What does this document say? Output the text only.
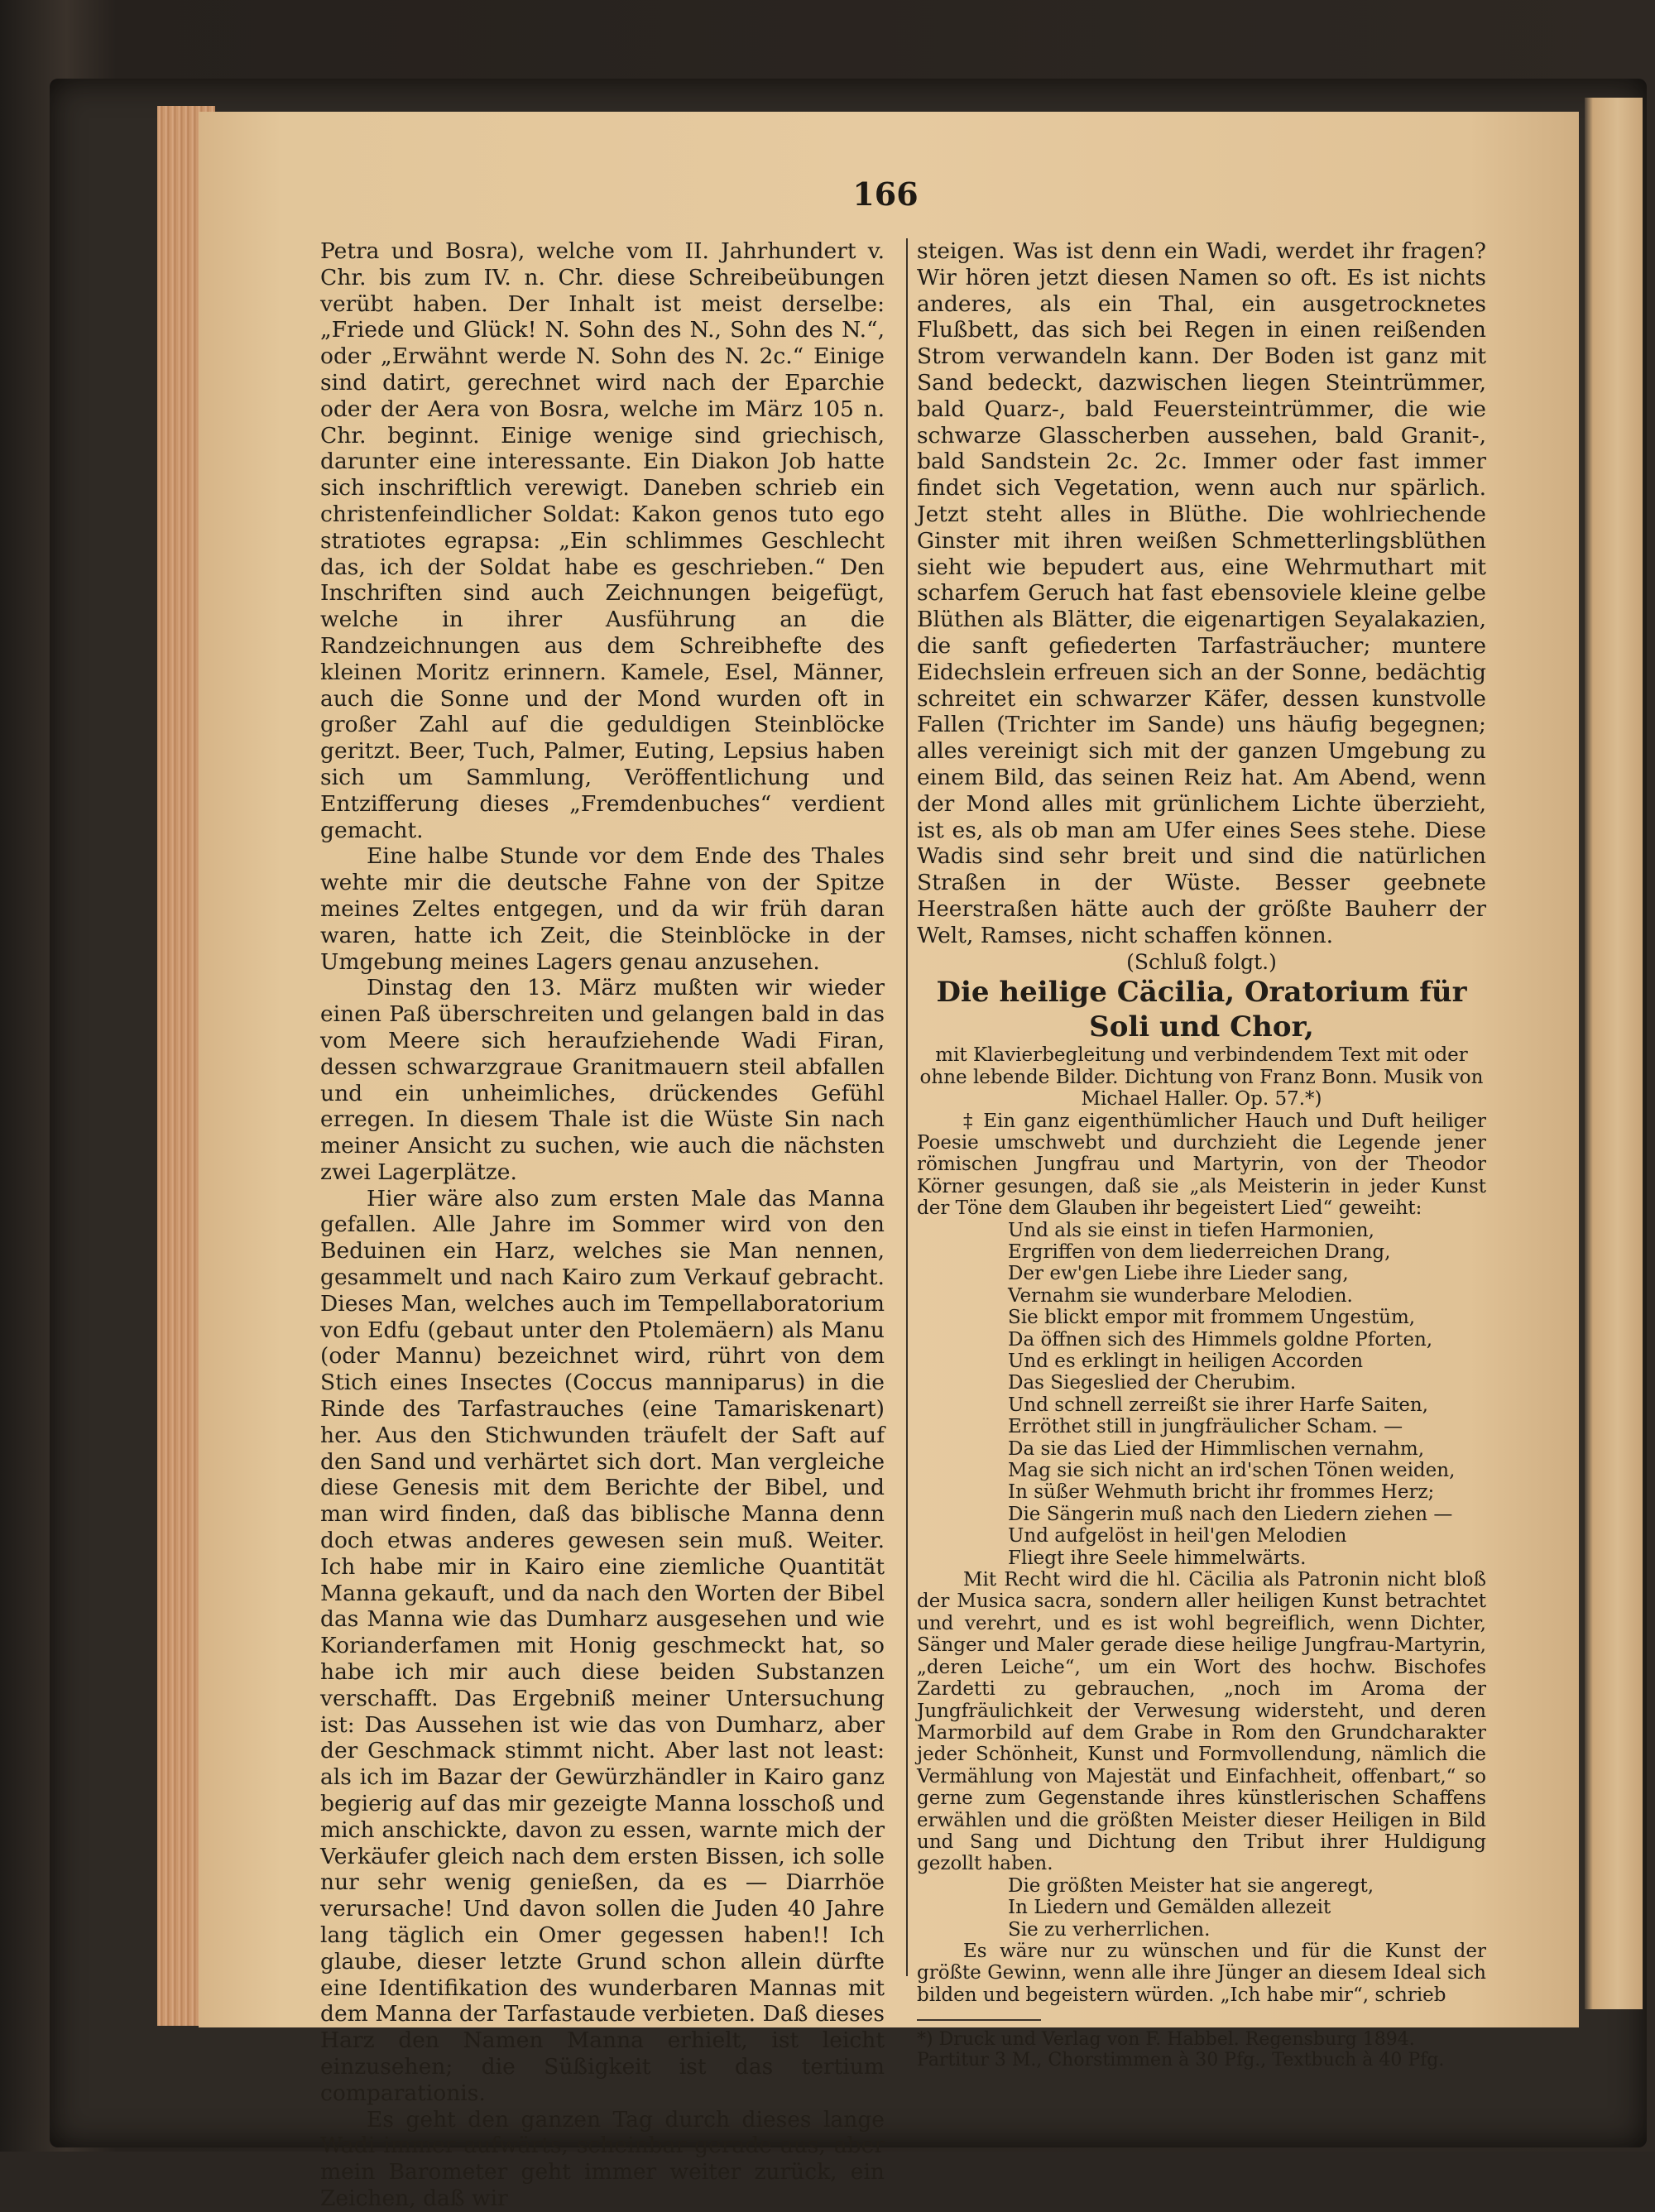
166

Petra und Bosra), welche vom II. Jahrhundert v. Chr. bis zum IV. n. Chr. diese Schreibeübungen verübt haben. Der Inhalt ist meist derselbe: „Friede und Glück! N. Sohn des N., Sohn des N.“, oder „Erwähnt werde N. Sohn des N. 2c.“ Einige sind datirt, gerechnet wird nach der Eparchie oder der Aera von Bosra, welche im März 105 n. Chr. beginnt. Einige wenige sind griechisch, darunter eine interessante. Ein Diakon Job hatte sich inschriftlich verewigt. Daneben schrieb ein christenfeindlicher Soldat: Kakon genos tuto ego stratiotes egrapsa: „Ein schlimmes Geschlecht das, ich der Soldat habe es geschrieben.“ Den Inschriften sind auch Zeichnungen beigefügt, welche in ihrer Ausführung an die Randzeichnungen aus dem Schreibhefte des kleinen Moritz erinnern. Kamele, Esel, Männer, auch die Sonne und der Mond wurden oft in großer Zahl auf die geduldigen Steinblöcke geritzt. Beer, Tuch, Palmer, Euting, Lepsius haben sich um Sammlung, Veröffentlichung und Entzifferung dieses „Fremdenbuches“ verdient gemacht.

Eine halbe Stunde vor dem Ende des Thales wehte mir die deutsche Fahne von der Spitze meines Zeltes entgegen, und da wir früh daran waren, hatte ich Zeit, die Steinblöcke in der Umgebung meines Lagers genau anzusehen.

Dinstag den 13. März mußten wir wieder einen Paß überschreiten und gelangen bald in das vom Meere sich heraufziehende Wadi Firan, dessen schwarzgraue Granitmauern steil abfallen und ein unheimliches, drückendes Gefühl erregen. In diesem Thale ist die Wüste Sin nach meiner Ansicht zu suchen, wie auch die nächsten zwei Lagerplätze.

Hier wäre also zum ersten Male das Manna gefallen. Alle Jahre im Sommer wird von den Beduinen ein Harz, welches sie Man nennen, gesammelt und nach Kairo zum Verkauf gebracht. Dieses Man, welches auch im Tempellaboratorium von Edfu (gebaut unter den Ptolemäern) als Manu (oder Mannu) bezeichnet wird, rührt von dem Stich eines Insectes (Coccus manniparus) in die Rinde des Tarfastrauches (eine Tamariskenart) her. Aus den Stichwunden träufelt der Saft auf den Sand und verhärtet sich dort. Man vergleiche diese Genesis mit dem Berichte der Bibel, und man wird finden, daß das biblische Manna denn doch etwas anderes gewesen sein muß. Weiter. Ich habe mir in Kairo eine ziemliche Quantität Manna gekauft, und da nach den Worten der Bibel das Manna wie das Dumharz ausgesehen und wie Korianderfamen mit Honig geschmeckt hat, so habe ich mir auch diese beiden Substanzen verschafft. Das Ergebniß meiner Untersuchung ist: Das Aussehen ist wie das von Dumharz, aber der Geschmack stimmt nicht. Aber last not least: als ich im Bazar der Gewürzhändler in Kairo ganz begierig auf das mir gezeigte Manna losschoß und mich anschickte, davon zu essen, warnte mich der Verkäufer gleich nach dem ersten Bissen, ich solle nur sehr wenig genießen, da es — Diarrhöe verursache! Und davon sollen die Juden 40 Jahre lang täglich ein Omer gegessen haben!! Ich glaube, dieser letzte Grund schon allein dürfte eine Identifikation des wunderbaren Mannas mit dem Manna der Tarfastaude verbieten. Daß dieses Harz den Namen Manna erhielt, ist leicht einzusehen; die Süßigkeit ist das tertium comparationis.

Es geht den ganzen Tag durch dieses lange Wadi immer aufwärts, scheinbar gerade aus, aber mein Barometer geht immer weiter zurück, ein Zeichen, daß wir

steigen. Was ist denn ein Wadi, werdet ihr fragen? Wir hören jetzt diesen Namen so oft. Es ist nichts anderes, als ein Thal, ein ausgetrocknetes Flußbett, das sich bei Regen in einen reißenden Strom verwandeln kann. Der Boden ist ganz mit Sand bedeckt, dazwischen liegen Steintrümmer, bald Quarz-, bald Feuersteintrümmer, die wie schwarze Glasscherben aussehen, bald Granit-, bald Sandstein 2c. 2c. Immer oder fast immer findet sich Vegetation, wenn auch nur spärlich. Jetzt steht alles in Blüthe. Die wohlriechende Ginster mit ihren weißen Schmetterlingsblüthen sieht wie bepudert aus, eine Wehrmuthart mit scharfem Geruch hat fast ebensoviele kleine gelbe Blüthen als Blätter, die eigenartigen Seyalakazien, die sanft gefiederten Tarfasträucher; muntere Eidechslein erfreuen sich an der Sonne, bedächtig schreitet ein schwarzer Käfer, dessen kunstvolle Fallen (Trichter im Sande) uns häufig begegnen; alles vereinigt sich mit der ganzen Umgebung zu einem Bild, das seinen Reiz hat. Am Abend, wenn der Mond alles mit grünlichem Lichte überzieht, ist es, als ob man am Ufer eines Sees stehe. Diese Wadis sind sehr breit und sind die natürlichen Straßen in der Wüste. Besser geebnete Heerstraßen hätte auch der größte Bauherr der Welt, Ramses, nicht schaffen können.

(Schluß folgt.)

Die heilige Cäcilia, Oratorium für Soli und Chor,

mit Klavierbegleitung und verbindendem Text mit oder ohne lebende Bilder. Dichtung von Franz Bonn. Musik von Michael Haller. Op. 57.*)

‡ Ein ganz eigenthümlicher Hauch und Duft heiliger Poesie umschwebt und durchzieht die Legende jener römischen Jungfrau und Martyrin, von der Theodor Körner gesungen, daß sie „als Meisterin in jeder Kunst der Töne dem Glauben ihr begeistert Lied“ geweiht:

Und als sie einst in tiefen Harmonien,

Ergriffen von dem liederreichen Drang,

Der ew'gen Liebe ihre Lieder sang,

Vernahm sie wunderbare Melodien.

Sie blickt empor mit frommem Ungestüm,

Da öffnen sich des Himmels goldne Pforten,

Und es erklingt in heiligen Accorden

Das Siegeslied der Cherubim.

Und schnell zerreißt sie ihrer Harfe Saiten,

Erröthet still in jungfräulicher Scham. —

Da sie das Lied der Himmlischen vernahm,

Mag sie sich nicht an ird'schen Tönen weiden,

In süßer Wehmuth bricht ihr frommes Herz;

Die Sängerin muß nach den Liedern ziehen —

Und aufgelöst in heil'gen Melodien

Fliegt ihre Seele himmelwärts.

Mit Recht wird die hl. Cäcilia als Patronin nicht bloß der Musica sacra, sondern aller heiligen Kunst betrachtet und verehrt, und es ist wohl begreiflich, wenn Dichter, Sänger und Maler gerade diese heilige Jungfrau-Martyrin, „deren Leiche“, um ein Wort des hochw. Bischofes Zardetti zu gebrauchen, „noch im Aroma der Jungfräulichkeit der Verwesung widersteht, und deren Marmorbild auf dem Grabe in Rom den Grundcharakter jeder Schönheit, Kunst und Formvollendung, nämlich die Vermählung von Majestät und Einfachheit, offenbart,“ so gerne zum Gegenstande ihres künstlerischen Schaffens erwählen und die größten Meister dieser Heiligen in Bild und Sang und Dichtung den Tribut ihrer Huldigung gezollt haben.

Die größten Meister hat sie angeregt,

In Liedern und Gemälden allezeit

Sie zu verherrlichen.

Es wäre nur zu wünschen und für die Kunst der größte Gewinn, wenn alle ihre Jünger an diesem Ideal sich bilden und begeistern würden. „Ich habe mir“, schrieb

*) Druck und Verlag von F. Habbel. Regensburg 1894.

Partitur 3 M., Chorstimmen à 30 Pfg., Textbuch à 40 Pfg.
